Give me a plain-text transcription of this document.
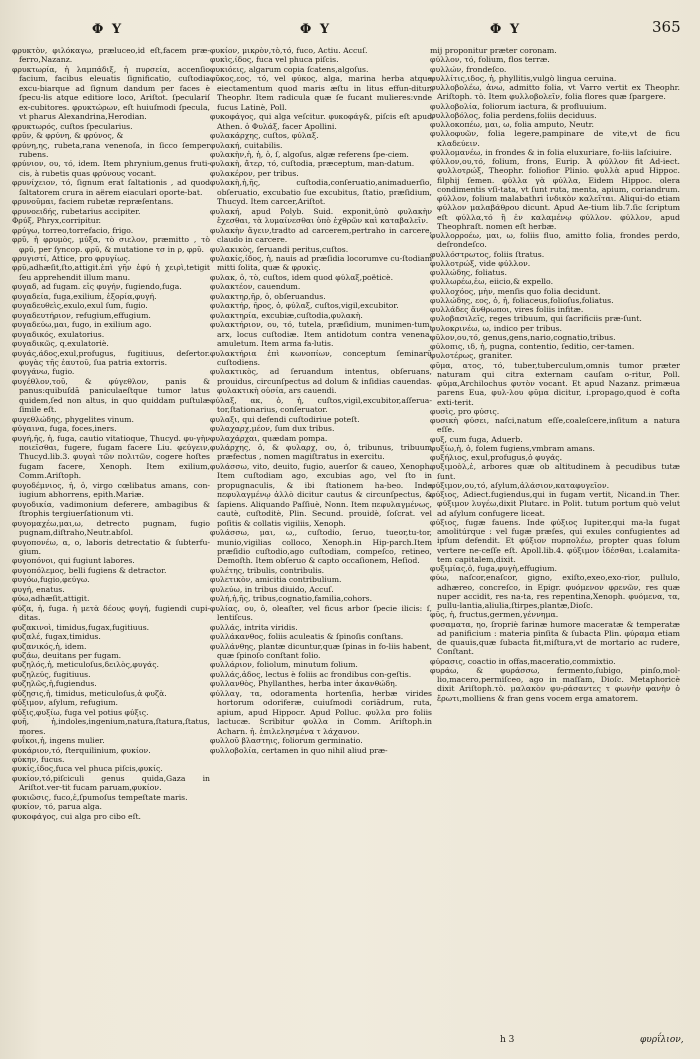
Φ Υ	Φ Υ	Φ Υ	365

φρυκτὸν, φιλόκαγω, præluceo,id eſt,facem præ-ferro,Nazanz.

φρυκτωρία, ἡ λαμπάδιξ, ἡ πυρσεία, accenſio facium, facibus eleuatis ſignificatio, cuſtodia excu-biarque ad ſignum dandum per faces è ſpecu-lis atque editiore loco, Ariſtot. ſpeculariſ ex-cubitores. φρυκτώρων, eſt huiuſmodi ſpecula, vt pharus Alexandrina,Herodian.

φρυκτωρός, cuſtos ſpecularius.

φρῦν, & φρύνη, & φρύνος, &

φρύνη,ης, rubeta,rana venenoſa, in ſicco ſemper rubens.

φρύνιον, ου, τό, idem. Item phrynium,genus fruti-cis, à rubetis quas φρύνους vocant.

φρυνίχειον, τό, ſignum erat ſaltationis , ad quod ſaltatorem crura in aërem eiaculari oporte-bat.

φρυνοῦμαι, faciem rubetæ repræſentans.

φρυνοειδής, rubetarius accipiter.

Φρύξ, Phryx,corripitur.

φρύγω, torreo,torrefacio, frigo.

φρῦ, ἡ φρυμὸς, μύξα, τὸ σιελον, præmitto , τὸ φρῦ, per ſyncop. φρῦ, & mutatione τσ in ρ, φρῦ.

φρυγιστί, Attice, pro φρυγίως.

φρῦ,adhæſit,ſto,attigit.ἐπὶ γῆν ἐφύ ἡ χειρὶ,tetigit ſeu apprehendit illum manu.

φυγαδ, ad fugam. εἰς φυγήν, fugiendo,fuga.

φυγαδεία, fuga,exilium, ἐξορία,φυγή.

φυγαδευθεὶς,exulo,exul ſum, fugio.

φυγαδευτήριον, refugium,effugium.

φυγαδεύω,μαι, fugo, in exilium ago.

φυγαδικός, exulatorius.

φυγαδικῶς, q.exulatoriè.

φυγάς,άδος,exul,profugus, fugitiuus, deſertor. φυγὰς τῆς ἑαυτοῦ, ſua patria extorris.

φυγγάνω, fugio.

φυγέθλον,τοῦ, & φύγεθλον, panis & panus:quibuſdā paniculaeſtque tumor latus quidem,ſed non altus, in quo quiddam puſtulæ ſimile eſt.

φυγεθλώδης, phygelites vinum.

φύγαινα, fuga, foces,iners.

φυγή,ῆς, ἡ, fuga, cautio vitatioque, Thucyd. φυ-γὴν ποιεῖσθαι, fugere, fugam facere Liu. φεύγειν, Thucyd.lib.3. φυγαὶ τῶν πολιτῶν, cogere hoſtes fugam facere, Xenoph. Item exilium, Comm.Ariſtoph.

φυγοδέμνιος, ἡ, ὁ, virgo cœlibatus amans, con-iugium abhorrens, epith.Mariæ.

φυγοδικία, vadimonium deferere, ambagibus & ſtrophis tergiuerſationum vti.

φυγομαχέω,μαι,ω, detrecto pugnam, fugio pugnam,diſtraho,Neutr.abſol.

φυγοπονέω, α, ο, laboris detrectatio & ſubterfu-gium.

φυγοπόνοι, qui fugiunt labores.

φυγοπόλεμος, belli fugiens & detractor.

φυγόω,fugio,φεύγω.

φυγή, enatus.

φύω,adhæſit,attigit.

φύζα, ἡ, fuga. ἡ μετὰ δέους φυγή, fugiendi cupi-ditas.

φυζακινοὶ, timidus,fugax,fugitiuus.

φυζαλέ, fugax,timidus.

φυζανικός,ἡ, idem.

φυζάω, deuitans per fugam.

φυζηλός,ἡ, meticuloſus,δειλὸς,φυγάς.

φυζηλεύς, fugitiuus.

φυζηλῶς,ἡ,fugiendus.

φύζησις,ἡ, timidus, meticuloſus,ἀ φυζὰ.

φύξιμον, aſylum, refugium.

φύξις,φυξίω, fuga vel potius φύξις.

φυῆ, ἡ,indoles,ingenium,natura,ſtatura,ſtatus, mores.

φυΐκοι,ἡ, ingens mulier.

φυκάριον,τό, ſterquilinium, φυκίον.

φύκην, fucus.

φυκίς,ίδος,fuca vel phuca piſcis,φυκίς.

φυκίον,τό,piſciculi genus quida,Gaza in Ariſtot.ver-tit fucam paruam,φυκίον.

φυκιῶσις, fuco,ἐ,ſpumoſus tempeſtate maris.

φυκίον, τό, parua alga.

φυκοφάγος, cui alga pro cibo eſt.

φυκίον, μικρὸν,τὸ,τό, fuco, Actiu. Accuſ.

φυκὶς,ίδος, fuca vel phuca piſcis.

φυκιόεις, algarum copia ſcatens,algoſus.

φῦκος,εος, τό, vel φύκος, alga, marina herba atque eiectamentum quod maris æſtu in litus effun-ditur, Theophr. Item radicula quæ ſe fucant mulieres:vnde fucus Latinè, Poll.

φυκοφάγος, qui alga veſcitur. φυκοφάγ&, piſcis eſt apud Athen. ὁ Φυλάξ, facer Apollini.

φυλακάρχης, cuſtos, φύλαξ.

φυλακή, cuitabilis.

φυλακὴν,ἡ, ἡ, ὁ, ſ, algoſus, algæ referens ſpe-ciem.

φυλακὴ, ἄτερ, τό, cuſtodia, præceptum, man-datum.

φυλακέρον, per tribus.

φυλακὴ,ἡ,ῆς, cuſtodia,conſeruatio,animaduerſio, obſeruatio, excubatio ſue excubitus, ſtatio, præſidium, Thucyd. Item carcer,Ariſtot.

φυλακή, apud Polyb. Suid. exponit,ὑπὸ φυλακὴν ἔχεσθαι, τὰ λυμαίνεσθαι ὑπὸ ἐχθρῶν καὶ καταβαλεῖν.

φυλακὴν ἄγειν,tradto ad carcerem,pertraho in carcere, claudo in carcere.

φυλακικὸς, ſeruandi peritus,cuſtos.

φυλακίς,ίδος, ἡ, nauis ad præſidia locorumve cu-ſtodiam mitti ſolita, quæ & φρυκὶς.

φυλακ, ὁ, τὸ, cuſtos, idem quod φύλαξ,poëticè.

φυλακτέον, cauendum.

φυλακτηρ,ῆρ, ὁ, obſeruandus.

φυλακτήρ, ῆρος, ὁ, φύλαξ, cuſtos,vigil,excubitor.

φυλακτηρία, excubiæ,cuſtodia,φυλακὴ.

φυλακτήριον, ου, τό, tutela, præſidium, munimen-tum, arx, locus cuſtodiæ. Item antidotum contra venena, amuletum. Item arma fa-lutis.

φυλακτήρια ἐπὶ κωνοπίων, conceptum ſeminarū cuſtodiens.

φυλακτικὸς, ad ſeruandum intentus, obſeruans, prouidus, circunſpectus ad dolum & inſidias cauendas. φυλακτικὴ οὐσία, ars cauendi.

φύλαξ, ακ, ὁ, ἡ, cuſtos,vigil,excubitor,aſſerua-tor,ſtationarius, conſeruator.

φυλαξι, qui defendi cuſtodiriue poteſt.

φυλαχαρχ,μέον, ſum dux tribus.

φυλαχάρχαι, quædam pompa.

φυλάρχης, ὁ, & φυλαρχ, ου, ὁ, tribunus, tribuum præfectus , nomen magiſtratus in exercitu.

φυλάσσω, vito, deuito, fugio, auerſor & caueo, Xenoph. Item cuſtodiam ago, excubias ago, vel ſto in propugnaculis, & ibi ſtationem ha-beo. Inde πεφυλαγμένῳ ἀλλὸ dicitur cautus & circunſpectus, & ſapiens. Aliquando Paſſiuè, Nonn. Item πεφυλαγμένως, cautè, cuſtoditè, Plin. Secund. prouidè, ſoſcrat. vel poſitis & collatis vigiliis, Xenoph.

φυλάσσω, μαι, ω,, cuſtodio, ſeruo, tueor,tu-tor, munio,vigilias colloco, Xenoph.in Hip-parch.Item præſidio cuſtodio,ago cuſtodiam, compeſco, retineo, Demoſth. Item obſeruo & capto occaſionem, Heſiod.

φυλέτης, tribulis, contribulis.

φυλετικὸν, amicitia contribulium.

φυλεύω, in tribus diuido, Accuſ.

φυλή,ἡ,ῆς, tribus,cognatio,familia,cohors.

φυλίας, ου, ὁ, oleaſter, vel ficus arbor ſpecie ilicis: ſ, lentiſcus.

φυλλάς, intrita viridis.

φυλλάκανθος, foliis aculeatis & ſpinoſis conſtans.

φυλλάνθης, plantæ dicuntur,quæ ſpinas in fo-liis habent, quæ ſpinoſo conſtant folio.

φυλλάριον, foliolum, minutum folium.

φυλλάς,ἀδος, lectus è foliis ac frondibus con-geſtis.

φυλλανθὸς, Phyllanthes, herba inter ἀκανθώδη.

φύλλαγ, τα, odoramenta hortenſia, herbæ virides hortorum odoriferæ, cuiuſmodi coriādrum, ruta, apium, apud Hippocr. Apud Polluc. φυλλα pro foliis lactucæ. Scribitur φυλλα in Comm. Ariſtoph.in Acharn. ἡ. ἐπιλελησμένα τ λάχανον.

φυλλοῦ βλαστηις, foliorum germinatio.

φυλλοβολία, certamen in quo nihil aliud præ-

mij proponitur præter coronam.

φύλλον, τό, folium, flos terræ.

φυλλών, frondeſco.

φυλλίτις,ιδος, ἡ, phyllitis,vulgò lingua ceruina.

φυλλοβολέω, ἀνω, admitto folia, vt Varro vertit ex Theophr. Ariſtoph. τὸ. Item φυλλοβολεῖν, folia flores quæ ſpargere.

φυλλοβολία, foliorum iactura, & profluuium.

φυλλοβόλος, folia perdens,foliis deciduus.

φυλλοκοπέω, μαι, ω, folia amputo, Neutr.

φυλλοφυῶν, folia legere,pampinare de vite,vt de ficu κλαδεύειν.

φυλλομανέω, in frondes & in folia eluxuriare, fo-liis laſciuire.

φύλλον,ου,τό, folium, frons, Eurip. Ἀ φύλλον fit Ad-iect. φυλλοτρώξ, Theophr. foliofior Plinio. φυλλὰ apud Hippoc. filphij ſemen. φύλλα γὰ φύλλα, Eidem Hippoc. olera condimentis vſi-tata, vt ſunt ruta, menta, apium, coriandrum. φύλλον, folium malabathri ἰνδικὸν καλεῖται. Aliqui-do etiam φύλλον μαλαβάθρου dicunt. Apud Ae-tium lib.7.ſic ſcriptum eſt φύλλα,τό ἢ ἐν καλαμένῳ φύλλον. φύλλον, apud Theophraſt. nomen eſt herbæ.

φυλλορροέω, μαι, ω, foliis fluo, amitto folia, frondes perdo, deſrondeſco.

φυλλόστρωτος, foliis ſtratus.

φυλλοτρώξ, vide φύλλον.

φυλλώδης, foliatus.

φυλλωρέω,ἐω, eiicio,& expello.

φυλλοχόος, μὴν, menſis quo folia decidunt.

φυλλώδης, εος, ὁ, ἡ, foliaceus,folioſus,foliatus.

φυλλάδες ἄνθρωποι, vires foliis infitæ.

φυλοβασιλεῖς, reges tribuum, qui ſacrificiis præ-ſunt.

φυλοκρινέω, ω, indico per tribus.

φῦλον,ου,τό, genus,gens,nario,cognatio,tribus.

φύλοπις, ιδ, ἡ, pugna, contentio, ſeditio, cer-tamen.

φυλοτέρως, graniter.

φῦμα, ατος, τό, tuber,tuberculum,omnis tumor præter naturam qui citra externam cauſam o-ritur, Poll. φῦμα,Archilochus φυτὸν vocant. Et apud Nazanz. primæua parens Eua, φυλ-λου φῦμα dicitur, i.propago,quod è cofta exti-terit.

φυσὶς, pro φύσις.

φυσικὴ φύσει, naſci,natum eſſe,coaleſcere,inſitum a natura eſſe.

φυξ, cum fuga, Aduerb.

φυξίω,ἡ, ὁ, folem fugiens,vmbram amans.

φυξήλιος, exul,profugus,ὁ φυγάς.

φυξιμοὸλ,ἐ, arbores quæ ob altitudinem à pecudibus tutæ ſunt.

φύξιμον,ου,τό, aſylum,ἀλάσιον,καταφυγεῖον.

φύξιος, Adiect.fugiendus,qui in fugam vertit, Nicand.in Ther. φύξιμον λυγέω,dixit Plutarc. in Polit. tutum portum quò velut ad aſylum confugere liceat.

φύξιος, fugæ fauens. Inde φύξιος Iupiter,qui ma-la fugat amolitúrque : vel fugæ præſes, qui exules confugientes ad ipſum defendit. Et φύξιον πυρπολέω, propter quas ſolum vertere ne-ceſſe eſt. Apoll.lib.4. φύξιμον ἰδέσθαι, i.calamita-tem capitalem,dixit.

φυξιμίας,ὁ, fuga,φυγὴ,effugium.

φύω, naſcor,enaſcor, gigno, exiſto,exeo,exo-rior, pullulo, adhæreo, concreſco, in Epigr. φυόμενον φρενῶν, res quæ nuper accidit, res na-ta, res repentina,Xenoph. φυόμενα, τα, pullu-lantia,aliulia,ſtirpes,plantæ,Dioſc.

φῦς, ἡ, fructus,germen,γέννημα.

φυσαματα, ηο, ſropriè farinæ humore maceratæ & temperatæ ad panificium : materia pinſita & ſubacta Plin. φύραμα etiam de quauis,quæ ſubacta fit,miſtura,vt de mortario ac rudere, Conſtant.

φύρασις, coactio in offas,maceratio,commixtio.

φυράω, & φυράσσω, fermento,ſubigo, pinſo,mol-lio,macero,permiſceo, ago in maſſam, Dioſc. Metaphoricè dixit Ariſtoph.τὸ. μαλακὸν φυ-ράσαντες τ φωνὴν φανὴν ὁ ἔρωτι,molliens & fran gens vocem erga amatorem.

h 3	φυρΐλιον,
